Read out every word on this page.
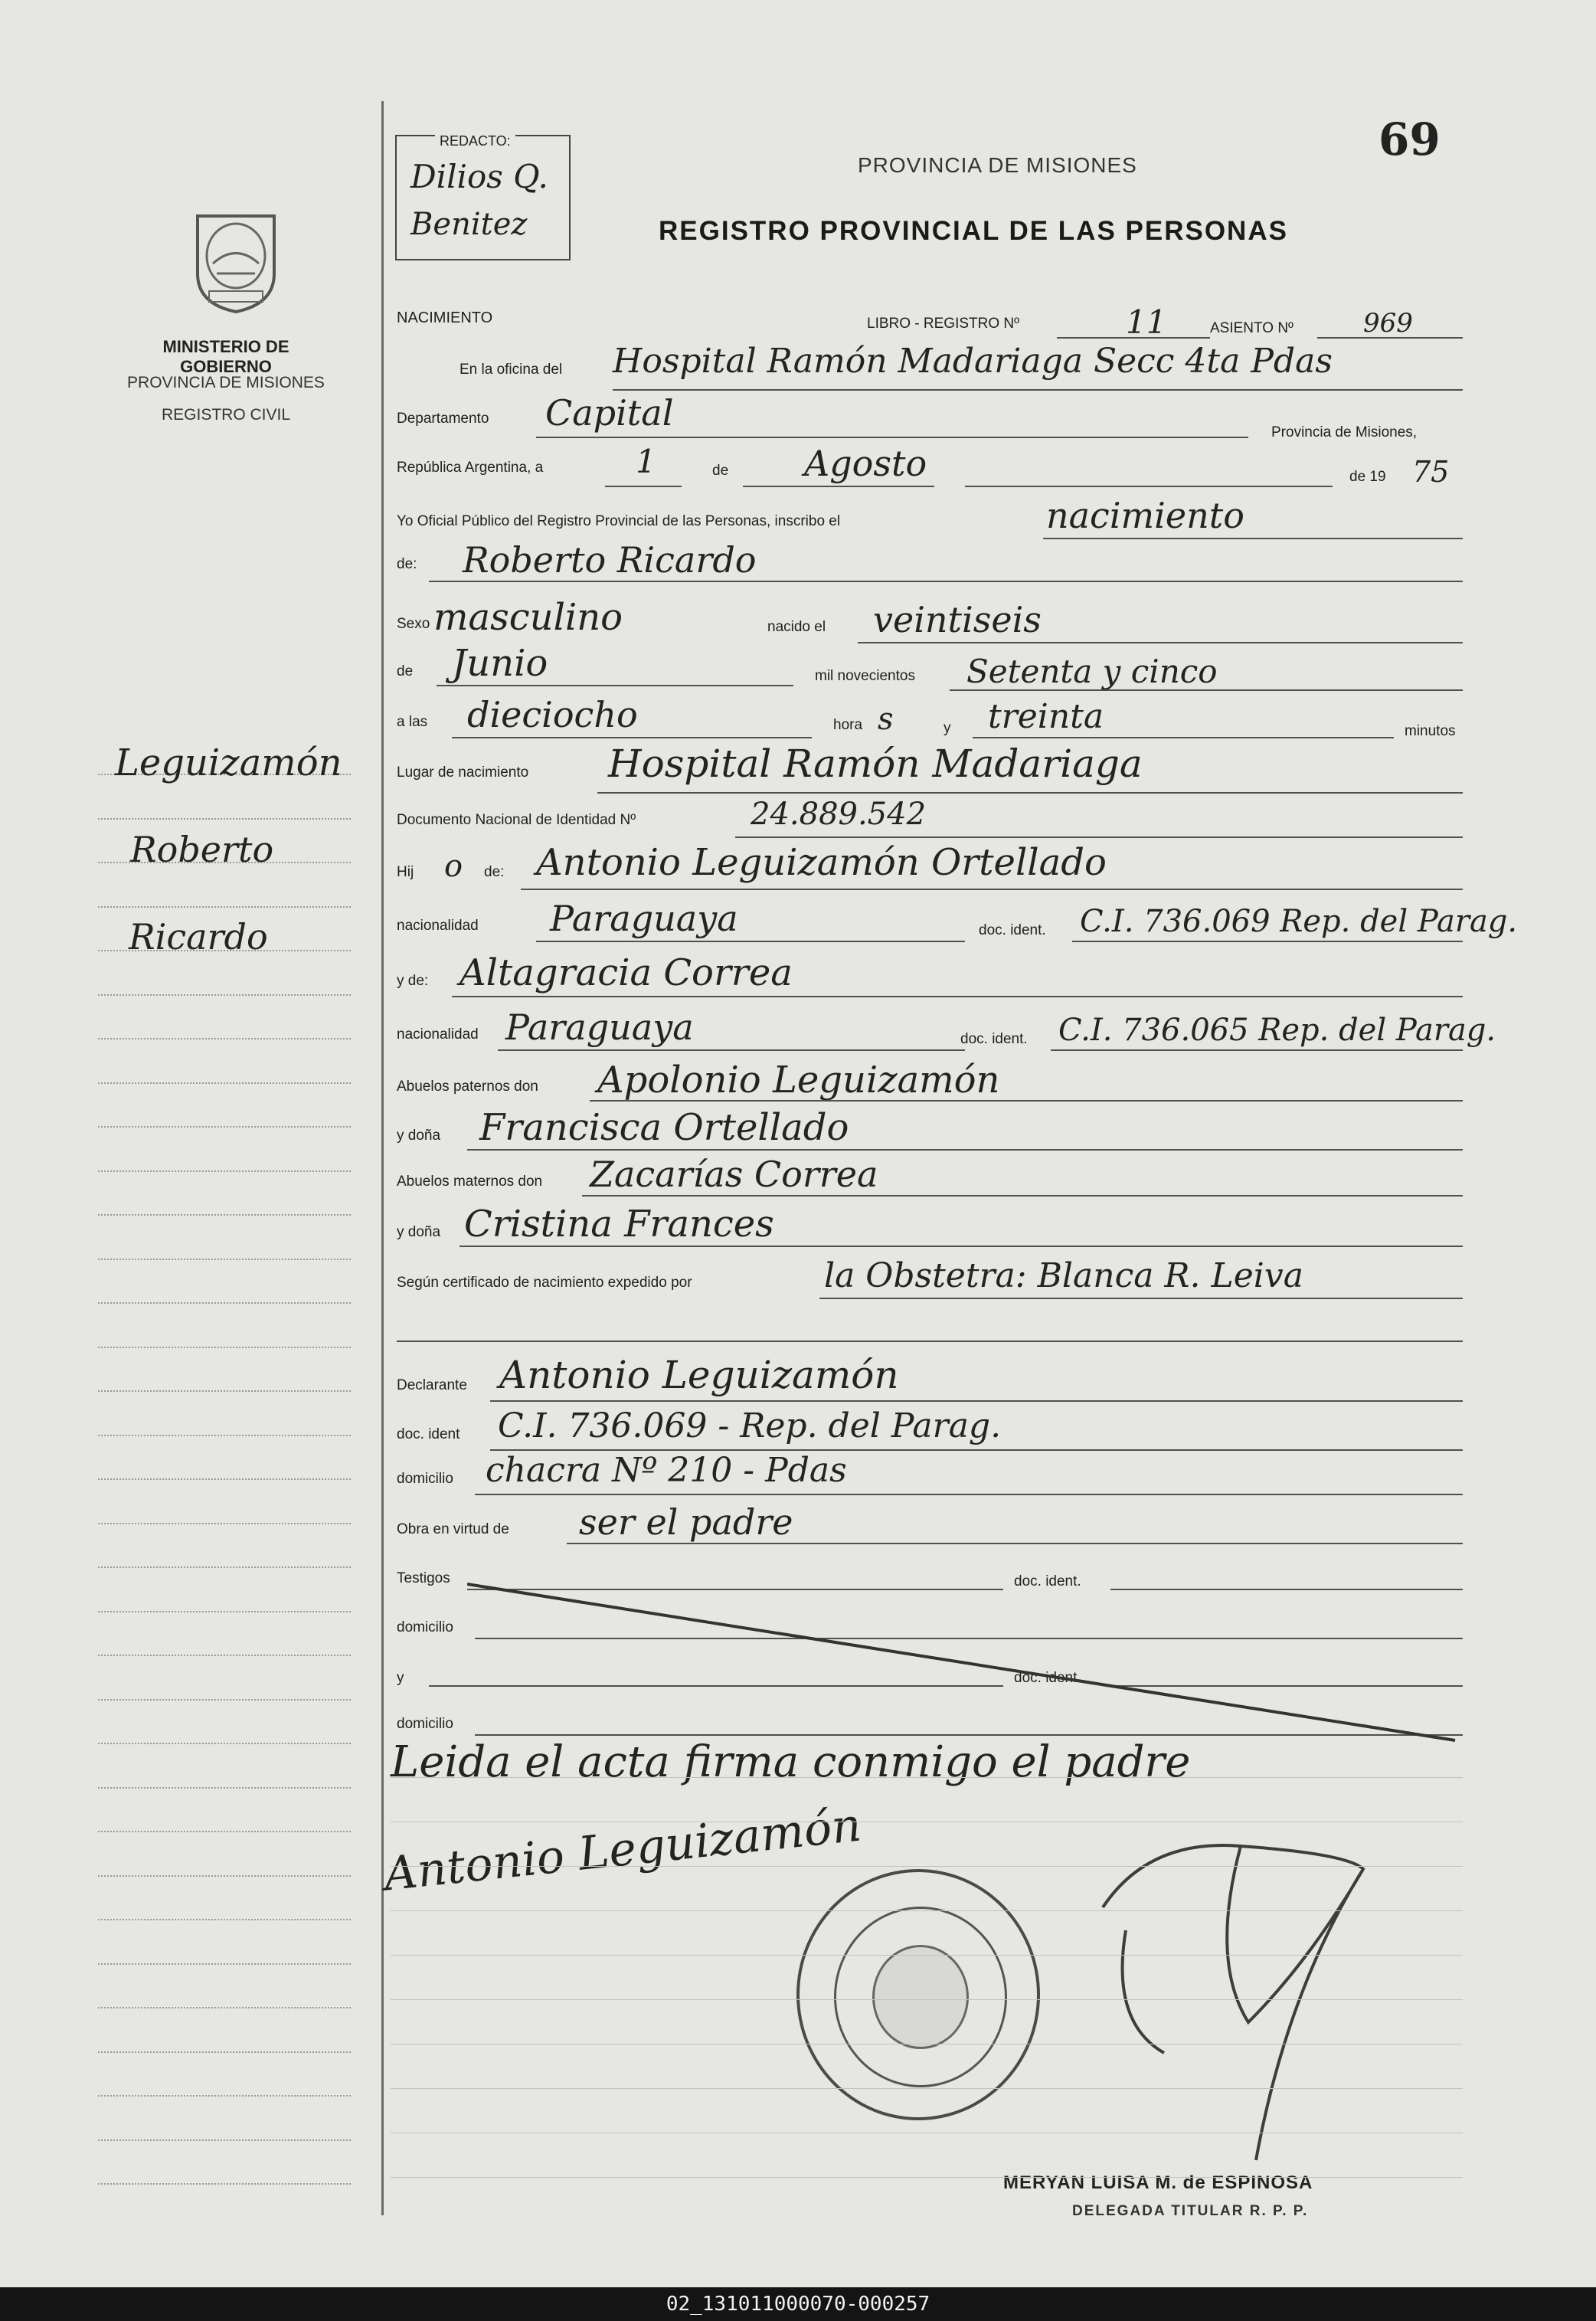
69
MINISTERIO DE GOBIERNO
PROVINCIA DE MISIONES
REGISTRO CIVIL
REDACTO:
Dilios Q.
Benitez
PROVINCIA DE MISIONES
REGISTRO PROVINCIAL DE LAS PERSONAS
Leguizamón
Roberto
Ricardo
NACIMIENTO	LIBRO - REGISTRO Nº	11	ASIENTO Nº	969
En la oficina del Hospital Ramón Madariaga Secc 4ta Pdas
Departamento Capital	Provincia de Misiones,
República Argentina, a	1	de Agosto	de 19 75
Yo Oficial Público del Registro Provincial de las Personas, inscribo el	nacimiento
de: Roberto Ricardo
Sexo masculino	nacido el veintiseis
de Junio	mil novecientos Setenta y cinco
a las dieciocho	hora s	y treinta	minutos
Lugar de nacimiento Hospital Ramón Madariaga
Documento Nacional de Identidad Nº	24.889.542
Hij o de: Antonio Leguizamón Ortellado
nacionalidad Paraguaya	doc. ident. C.I. 736.069 Rep. del Parag.
y de: Altagracia Correa
nacionalidad Paraguaya	doc. ident. C.I. 736.065 Rep. del Parag.
Abuelos paternos don Apolonio Leguizamón
y doña Francisca Ortellado
Abuelos maternos don Zacarías Correa
y doña Cristina Frances
Según certificado de nacimiento expedido por	la Obstetra: Blanca R. Leiva
Declarante Antonio Leguizamón
doc. ident C.I. 736.069 - Rep. del Parag.
domicilio chacra Nº 210 - Pdas
Obra en virtud de ser el padre
Testigos	doc. ident.
domicilio
y	doc. ident.
domicilio
Leida el acta firma conmigo el padre
Antonio Leguizamón
MERYAN LUISA M. de ESPINOSA
DELEGADA TITULAR R. P. P.
02_131011000070-000257
